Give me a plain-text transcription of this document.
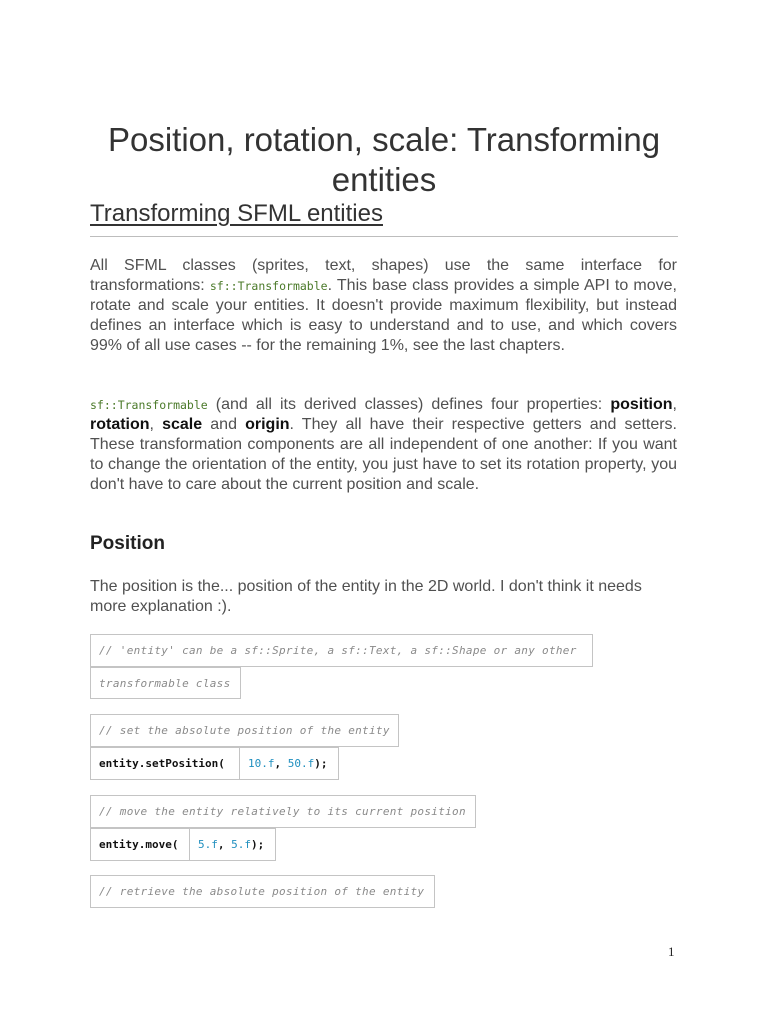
Position, rotation, scale: Transforming entities
Transforming SFML entities

All SFML classes (sprites, text, shapes) use the same interface for transformations: sf::Transformable. This base class provides a simple API to move, rotate and scale your entities. It doesn't provide maximum flexibility, but instead defines an interface which is easy to understand and to use, and which covers 99% of all use cases -- for the remaining 1%, see the last chapters.

sf::Transformable (and all its derived classes) defines four properties: position, rotation, scale and origin. They all have their respective getters and setters. These transformation components are all independent of one another: If you want to change the orientation of the entity, you just have to set its rotation property, you don't have to care about the current position and scale.

Position

The position is the... position of the entity in the 2D world. I don't think it needs more explanation :).

// 'entity' can be a sf::Sprite, a sf::Text, a sf::Shape or any other
transformable class
// set the absolute position of the entity
entity.setPosition( 10.f, 50.f);
// move the entity relatively to its current position
entity.move( 5.f, 5.f);
// retrieve the absolute position of the entity
1
